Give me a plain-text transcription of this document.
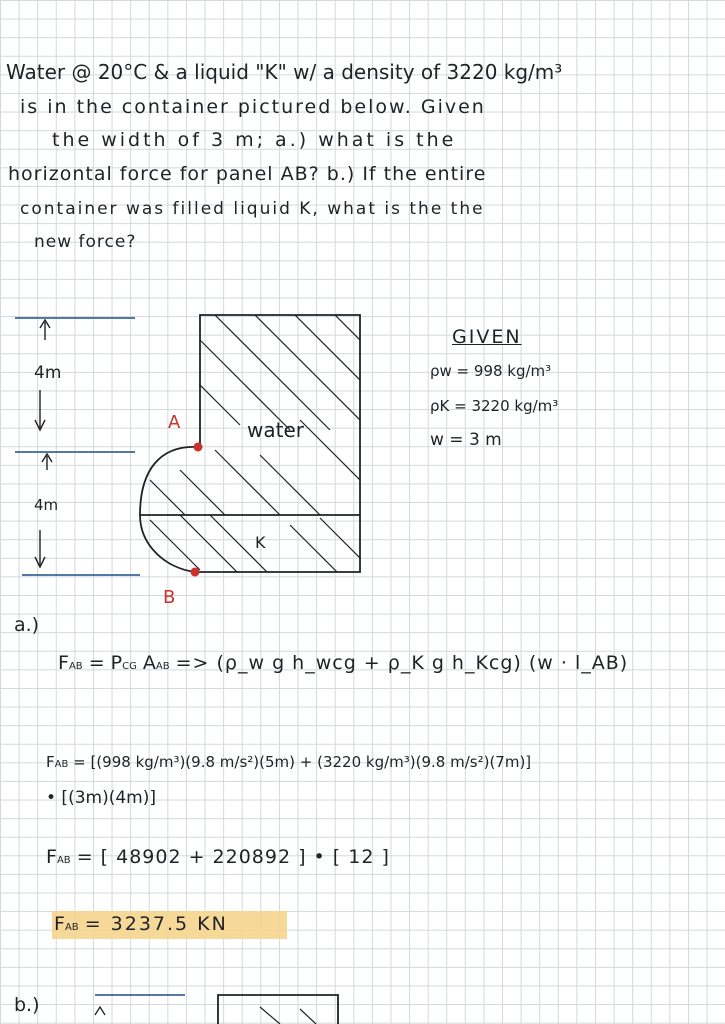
Water @ 20°C & a liquid "K" w/ a density of 3220 kg/m³
is in the container pictured below. Given
the width of 3 m; a.) what is the
horizontal force for panel AB? b.) If the entire
container was filled liquid K, what is the the
new force?
4m
4m
A
B
water
K
GIVEN
ρw = 998 kg/m³
ρK = 3220 kg/m³
w = 3 m
a.)
FAB = PCG AAB => (ρ_w g h_wcg + ρ_K g h_Kcg) (w · l_AB)
FAB = [(998 kg/m³)(9.8 m/s²)(5m) + (3220 kg/m³)(9.8 m/s²)(7m)]
• [(3m)(4m)]
FAB = [ 48902 + 220892 ] • [ 12 ]
FAB = 3237.5 KN
b.)
